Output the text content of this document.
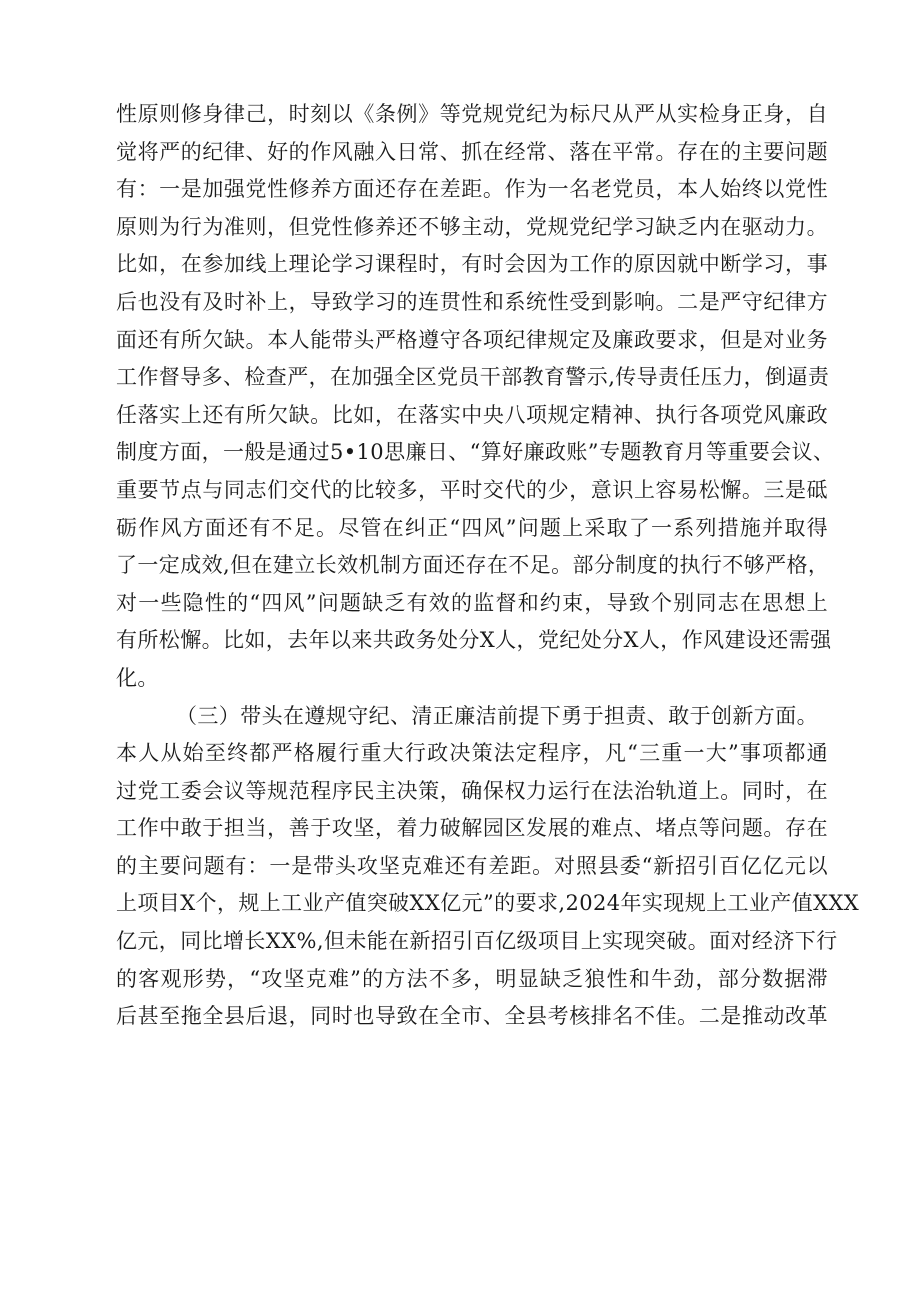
性原则修身律己，时刻以《条例》等党规党纪为标尺从严从实检身正身，自
觉将严的纪律、好的作风融入日常、抓在经常、落在平常。存在的主要问题
有：一是加强党性修养方面还存在差距。作为一名老党员，本人始终以党性
原则为行为准则，但党性修养还不够主动，党规党纪学习缺乏内在驱动力。
比如，在参加线上理论学习课程时，有时会因为工作的原因就中断学习，事
后也没有及时补上，导致学习的连贯性和系统性受到影响。二是严守纪律方
面还有所欠缺。本人能带头严格遵守各项纪律规定及廉政要求，但是对业务
工作督导多、检查严，在加强全区党员干部教育警示,传导责任压力，倒逼责
任落实上还有所欠缺。比如，在落实中央八项规定精神、执行各项党风廉政
制度方面，一般是通过5•10思廉日、“算好廉政账”专题教育月等重要会议、
重要节点与同志们交代的比较多，平时交代的少，意识上容易松懈。三是砥
砺作风方面还有不足。尽管在纠正“四风”问题上采取了一系列措施并取得
了一定成效,但在建立长效机制方面还存在不足。部分制度的执行不够严格，
对一些隐性的“四风”问题缺乏有效的监督和约束，导致个别同志在思想上
有所松懈。比如，去年以来共政务处分X人，党纪处分X人，作风建设还需强
化。
（三）带头在遵规守纪、清正廉洁前提下勇于担责、敢于创新方面。
本人从始至终都严格履行重大行政决策法定程序，凡“三重一大”事项都通
过党工委会议等规范程序民主决策，确保权力运行在法治轨道上。同时，在
工作中敢于担当，善于攻坚，着力破解园区发展的难点、堵点等问题。存在
的主要问题有：一是带头攻坚克难还有差距。对照县委“新招引百亿亿元以
上项目X个，规上工业产值突破XX亿元”的要求,2024年实现规上工业产值XXX
亿元，同比增长XX%,但未能在新招引百亿级项目上实现突破。面对经济下行
的客观形势，“攻坚克难”的方法不多，明显缺乏狼性和牛劲，部分数据滞
后甚至拖全县后退，同时也导致在全市、全县考核排名不佳。二是推动改革
